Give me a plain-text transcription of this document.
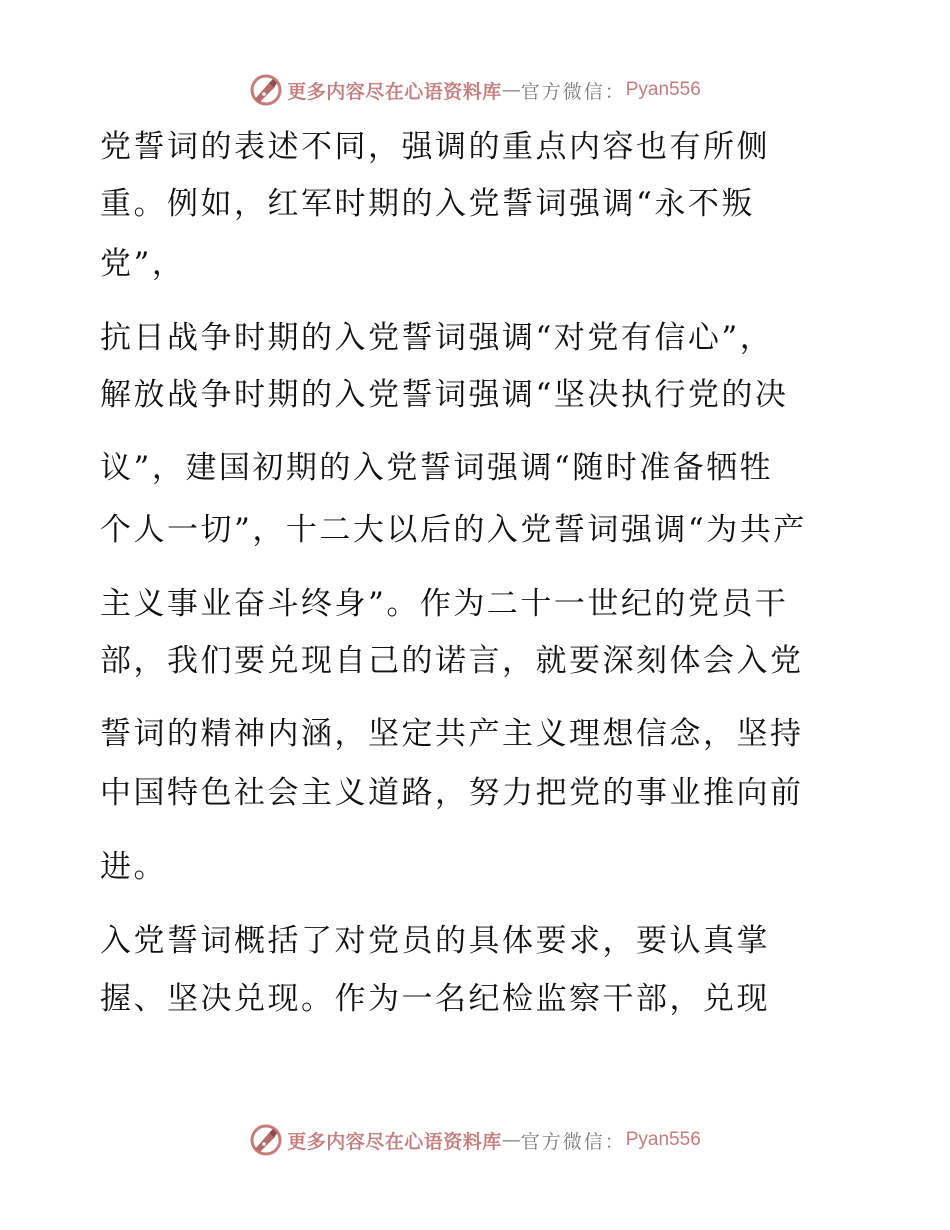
更多内容尽在心语资料库 — 官方微信： Pyan556
党誓词的表述不同，强调的重点内容也有所侧
重。例如，红军时期的入党誓词强调“永不叛
党”，
抗日战争时期的入党誓词强调“对党有信心”，
解放战争时期的入党誓词强调“坚决执行党的决
议”，建国初期的入党誓词强调“随时准备牺牲
个人一切”，十二大以后的入党誓词强调“为共产
主义事业奋斗终身”。作为二十一世纪的党员干
部，我们要兑现自己的诺言，就要深刻体会入党
誓词的精神内涵，坚定共产主义理想信念，坚持
中国特色社会主义道路，努力把党的事业推向前
进。
入党誓词概括了对党员的具体要求，要认真掌
握、坚决兑现。作为一名纪检监察干部，兑现
更多内容尽在心语资料库 — 官方微信： Pyan556
